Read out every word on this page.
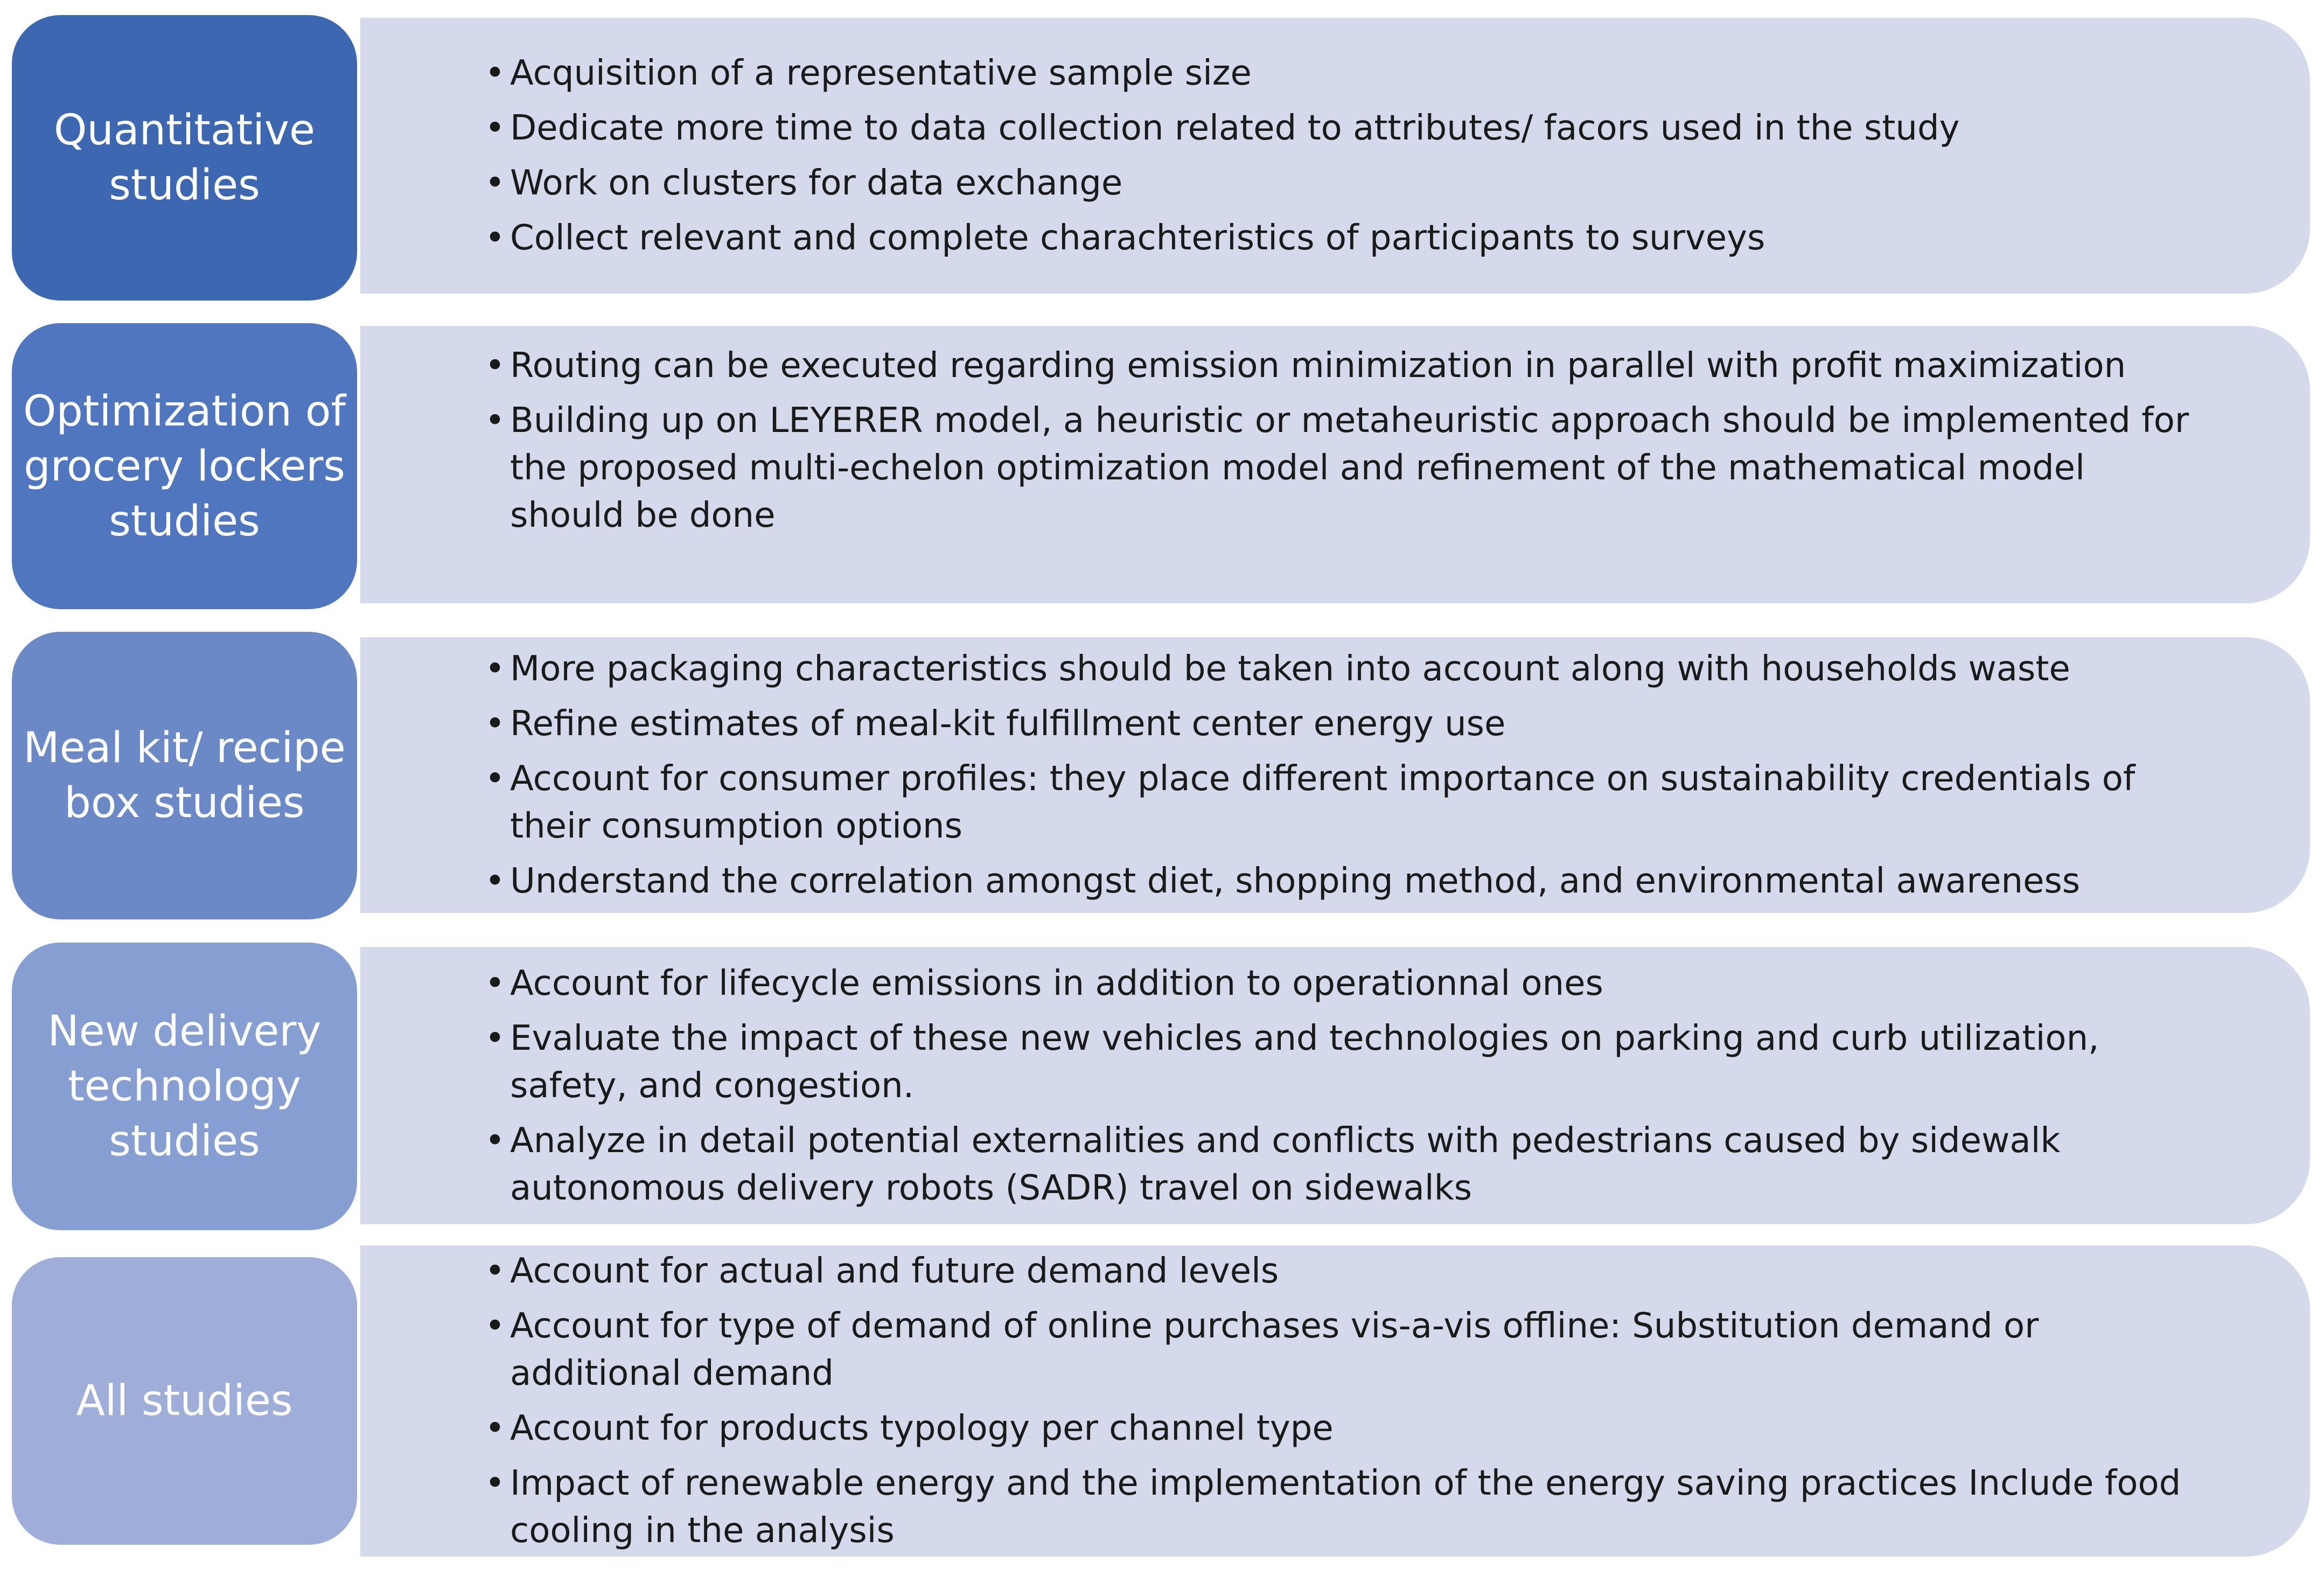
Quantitative studies
• Acquisition of a representative sample size
• Dedicate more time to data collection related to attributes/ facors used in the study
• Work on clusters for data exchange
• Collect relevant and complete charachteristics of participants to surveys
Optimization of grocery lockers studies
• Routing can be executed regarding emission minimization in parallel with profit maximization
• Building up on LEYERER model, a heuristic or metaheuristic approach should be implemented for the proposed multi-echelon optimization model and refinement of the mathematical model should be done
Meal kit/ recipe box studies
• More packaging characteristics should be taken into account along with households waste
• Refine estimates of meal-kit fulfillment center energy use
• Account for consumer profiles: they place different importance on sustainability credentials of their consumption options
• Understand the correlation amongst diet, shopping method, and environmental awareness
New delivery technology studies
• Account for lifecycle emissions in addition to operationnal ones
• Evaluate the impact of these new vehicles and technologies on parking and curb utilization, safety, and congestion.
• Analyze in detail potential externalities and conflicts with pedestrians caused by sidewalk autonomous delivery robots (SADR) travel on sidewalks
All studies
• Account for actual and future demand levels
• Account for type of demand of online purchases vis-a-vis offline: Substitution demand or additional demand
• Account for products typology per channel type
• Impact of renewable energy and the implementation of the energy saving practices Include food cooling in the analysis
